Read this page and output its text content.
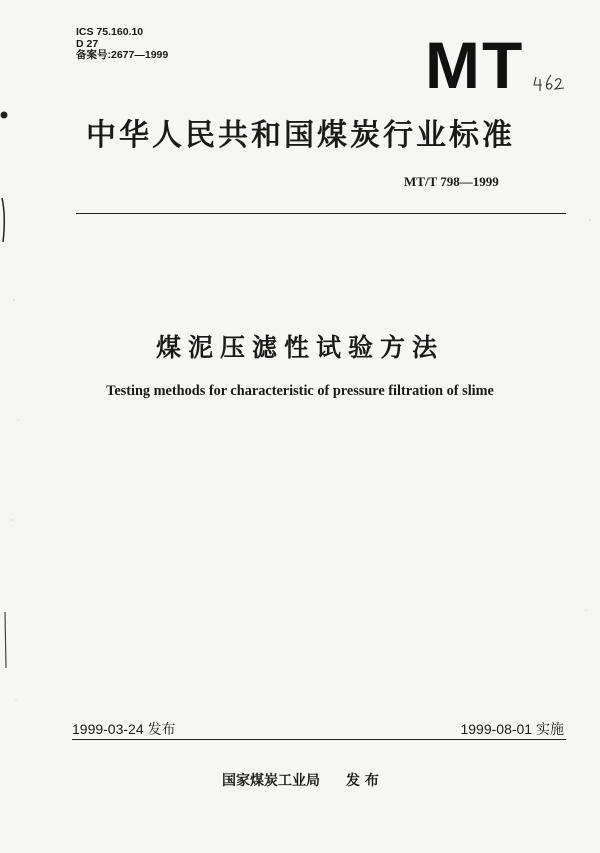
ICS 75.160.10
D 27
备案号:2677—1999	MT
中华人民共和国煤炭行业标准
MT/T 798—1999
煤泥压滤性试验方法
Testing methods for characteristic of pressure filtration of slime
1999-03-24 发布	1999-08-01 实施
国家煤炭工业局 发 布
